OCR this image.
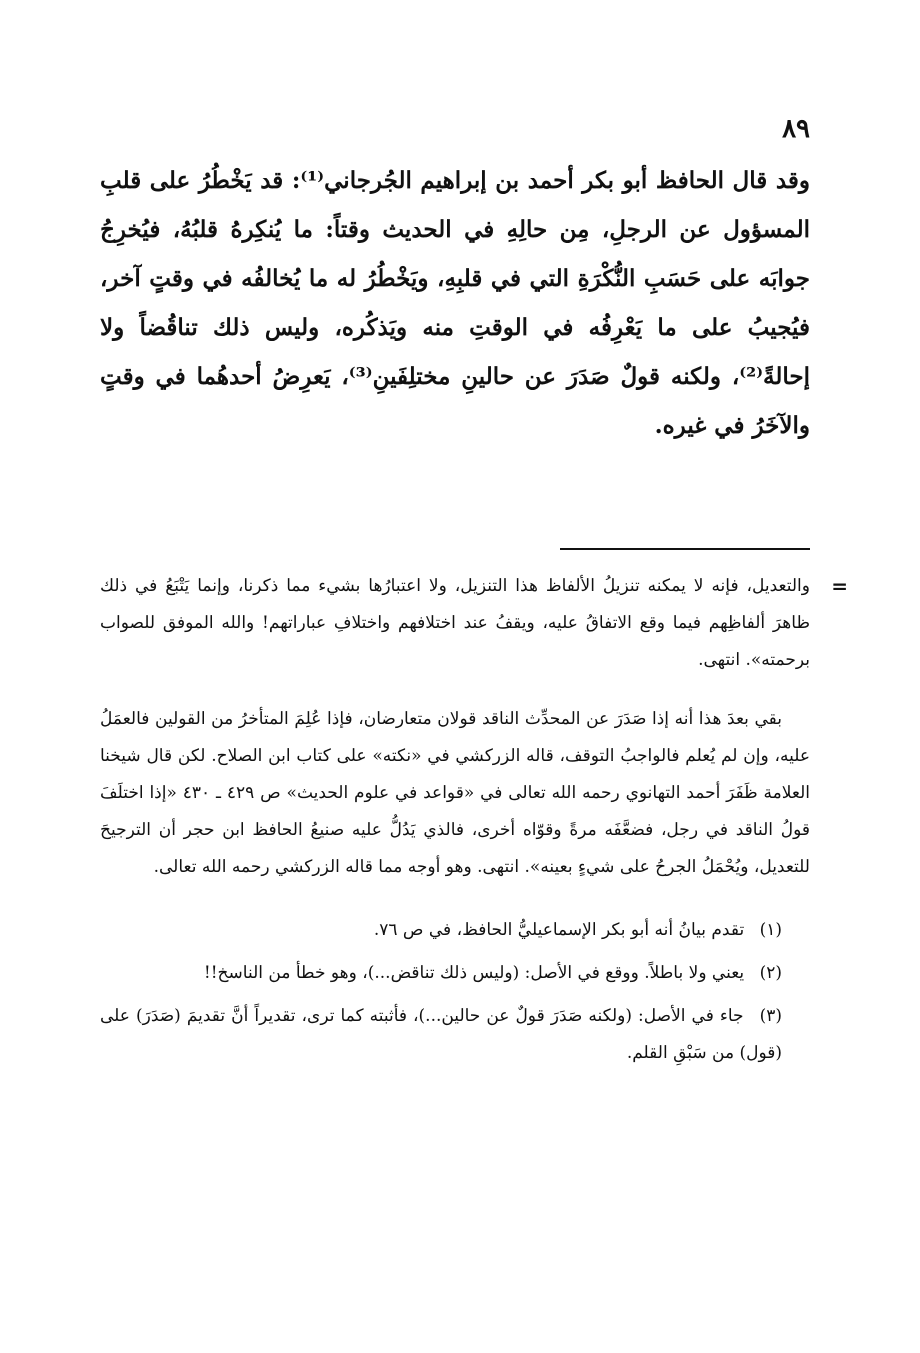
٨٩

وقد قال الحافظ أبو بكر أحمد بن إبراهيم الجُرجاني⁽¹⁾: قد يَخْطُرُ على قلبِ المسؤول عن الرجلِ، مِن حالِهِ في الحديث وقتاً: ما يُنكِرهُ قلبُهُ، فيُخرِجُ جوابَه على حَسَبِ النُّكْرَةِ التي في قلبِهِ، ويَخْطُرُ له ما يُخالفُه في وقتٍ آخر، فيُجيبُ على ما يَعْرِفُه في الوقتِ منه ويَذكُره، وليس ذلك تناقُضاً ولا إحالةً⁽²⁾، ولكنه قولٌ صَدَرَ عن حالينِ مختلِفَينِ⁽³⁾، يَعرِضُ أحدهُما في وقتٍ والآخَرُ في غيره.

=
والتعديل، فإنه لا يمكنه تنزيلُ الألفاظ هذا التنزيل، ولا اعتبارُها بشيء مما ذكرنا، وإنما يَتْبَعُ في ذلك ظاهرَ ألفاظِهم فيما وقع الاتفاقُ عليه، ويقفُ عند اختلافهم واختلافِ عباراتهم! والله الموفق للصواب برحمته». انتهى.

بقي بعدَ هذا أنه إذا صَدَرَ عن المحدِّث الناقد قولان متعارضان، فإذا عُلِمَ المتأخرُ من القولين فالعمَلُ عليه، وإن لم يُعلم فالواجبُ التوقف، قاله الزركشي في «نكته» على كتاب ابن الصلاح. لكن قال شيخنا العلامة ظَفَرَ أحمد التهانوي رحمه الله تعالى في «قواعد في علوم الحديث» ص ٤٢٩ ـ ٤٣٠ «إذا اختلَفَ قولُ الناقد في رجل، فضعَّفَه مرةً وقوّاه أخرى، فالذي يَدُلُّ عليه صنيعُ الحافظ ابن حجر أن الترجيحَ للتعديل، ويُحْمَلُ الجرحُ على شيءٍ بعينه». انتهى. وهو أوجه مما قاله الزركشي رحمه الله تعالى.

(١) تقدم بيانُ أنه أبو بكر الإسماعيليُّ الحافظ، في ص ٧٦.

(٢) يعني ولا باطلاً. ووقع في الأصل: (وليس ذلك تناقض...)، وهو خطأ من الناسخ!!

(٣) جاء في الأصل: (ولكنه صَدَرَ قولٌ عن حالين...)، فأثبته كما ترى، تقديراً أنَّ تقديمَ (صَدَرَ) على (قول) من سَبْقِ القلم.
